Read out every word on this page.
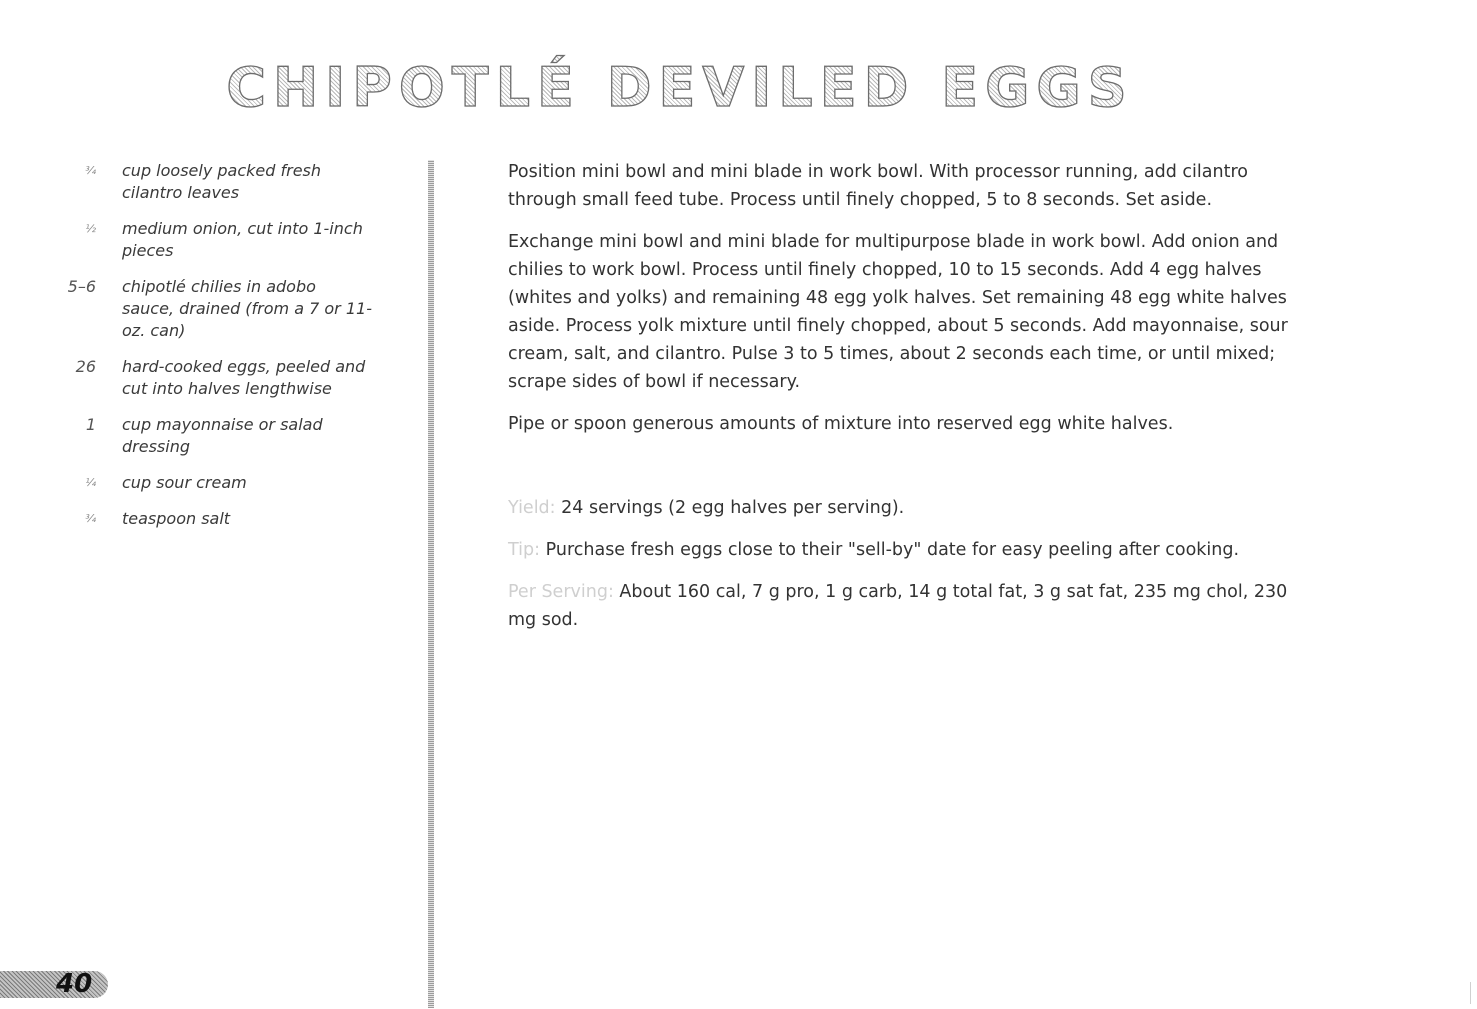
CHIPOTLÉ DEVILED EGGS
¾	cup loosely packed fresh cilantro leaves
½	medium onion, cut into 1-inch pieces
5–6	chipotlé chilies in adobo sauce, drained (from a 7 or 11-oz. can)
26	hard-cooked eggs, peeled and cut into halves lengthwise
1	cup mayonnaise or salad dressing
¼	cup sour cream
¾	teaspoon salt

Position mini bowl and mini blade in work bowl. With processor running, add cilantro through small feed tube. Process until finely chopped, 5 to 8 seconds. Set aside.

Exchange mini bowl and mini blade for multipurpose blade in work bowl. Add onion and chilies to work bowl. Process until finely chopped, 10 to 15 seconds. Add 4 egg halves (whites and yolks) and remaining 48 egg yolk halves. Set remaining 48 egg white halves aside. Process yolk mixture until finely chopped, about 5 seconds. Add mayonnaise, sour cream, salt, and cilantro. Pulse 3 to 5 times, about 2 seconds each time, or until mixed; scrape sides of bowl if necessary.

Pipe or spoon generous amounts of mixture into reserved egg white halves.

Yield: 24 servings (2 egg halves per serving).

Tip: Purchase fresh eggs close to their "sell-by" date for easy peeling after cooking.

Per Serving: About 160 cal, 7 g pro, 1 g carb, 14 g total fat, 3 g sat fat, 235 mg chol, 230 mg sod.

40
